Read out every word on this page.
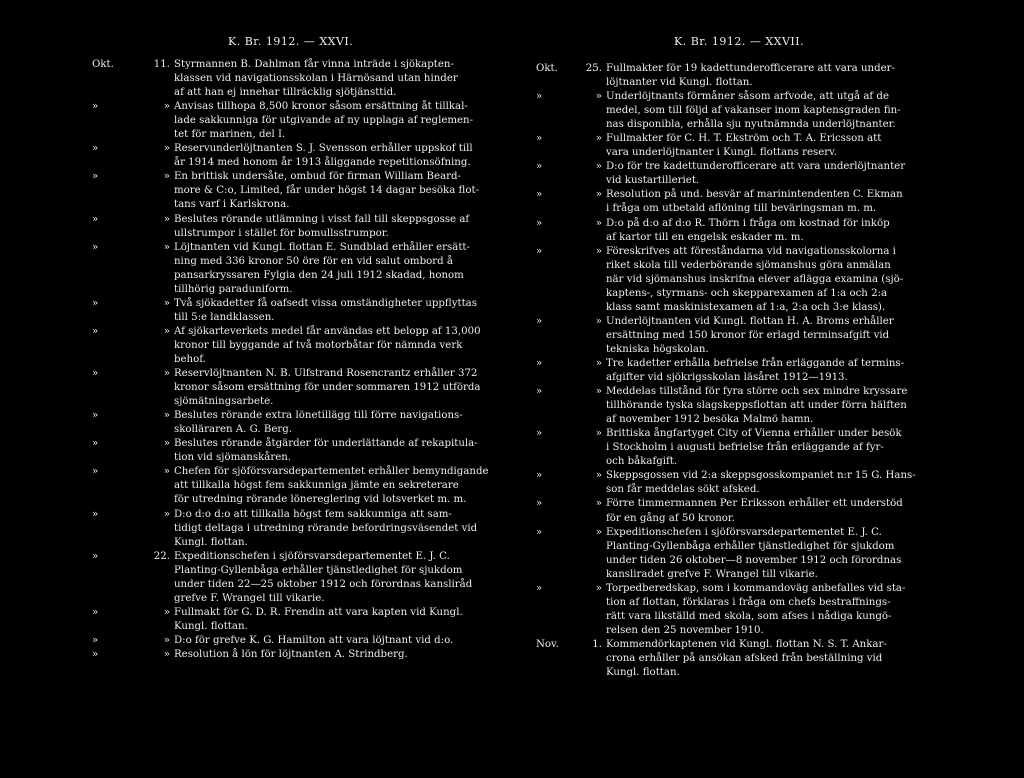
K. Br. 1912. — XXVI.
Okt.	11. Styrmannen B. Dahlman får vinna inträde i sjökapten-
klassen vid navigationsskolan i Härnösand utan hinder
af att han ej innehar tillräcklig sjötjänsttid.
»	» Anvisas tillhopa 8,500 kronor såsom ersättning åt tillkal-
lade sakkunniga för utgivande af ny upplaga af reglemen-
tet för marinen, del I.
»	» Reservunderlöjtnanten S. J. Svensson erhåller uppskof till
år 1914 med honom år 1913 åliggande repetitionsöfning.
»	» En brittisk undersåte, ombud för firman William Beard-
more & C:o, Limited, får under högst 14 dagar besöka flot-
tans varf i Karlskrona.
»	» Beslutes rörande utlämning i visst fall till skeppsgosse af
ullstrumpor i stället för bomullsstrumpor.
»	» Löjtnanten vid Kungl. flottan E. Sundblad erhåller ersätt-
ning med 336 kronor 50 öre för en vid salut ombord å
pansarkryssaren Fylgia den 24 juli 1912 skadad, honom
tillhörig paraduniform.
»	» Två sjökadetter få oafsedt vissa omständigheter uppflyttas
till 5:e landklassen.
»	» Af sjökarteverkets medel får användas ett belopp af 13,000
kronor till byggande af två motorbåtar för nämnda verk
behof.
»	» Reservlöjtnanten N. B. Ulfstrand Rosencrantz erhåller 372
kronor såsom ersättning för under sommaren 1912 utförda
sjömätningsarbete.
»	» Beslutes rörande extra lönetillägg till förre navigations-
skolläraren A. G. Berg.
»	» Beslutes rörande åtgärder för underlättande af rekapitula-
tion vid sjömanskåren.
»	» Chefen för sjöförsvarsdepartementet erhåller bemyndigande
att tillkalla högst fem sakkunniga jämte en sekreterare
för utredning rörande lönereglering vid lotsverket m. m.
»	» D:o d:o d:o att tillkalla högst fem sakkunniga att sam-
tidigt deltaga i utredning rörande befordringsväsendet vid
Kungl. flottan.
»	22. Expeditionschefen i sjöförsvarsdepartementet E. J. C.
Planting-Gyllenbåga erhåller tjänstledighet för sjukdom
under tiden 22—25 oktober 1912 och förordnas kansliråd
grefve F. Wrangel till vikarie.
»	» Fullmakt för G. D. R. Frendin att vara kapten vid Kungl.
Kungl. flottan.
»	» D:o för grefve K. G. Hamilton att vara löjtnant vid d:o.
»	» Resolution å lön för löjtnanten A. Strindberg.
K. Br. 1912. — XXVII.
Okt.	25. Fullmakter för 19 kadettunderofficerare att vara under-
löjtnanter vid Kungl. flottan.
»	» Underlöjtnants förmåner såsom arfvode, att utgå af de
medel, som till följd af vakanser inom kaptensgraden fin-
nas disponibla, erhålla sju nyutnämnda underlöjtnanter.
»	» Fullmakter för C. H. T. Ekström och T. A. Ericsson att
vara underlöjtnanter i Kungl. flottans reserv.
»	» D:o för tre kadettunderofficerare att vara underlöjtnanter
vid kustartilleriet.
»	» Resolution på und. besvär af marinintendenten C. Ekman
i fråga om utbetald aflöning till beväringsman m. m.
»	» D:o på d:o af d:o R. Thörn i fråga om kostnad för inköp
af kartor till en engelsk eskader m. m.
»	» Föreskrifves att föreståndarna vid navigationsskolorna i
riket skola till vederbörande sjömanshus göra anmälan
när vid sjömanshus inskrifna elever aflägga examina (sjö-
kaptens-, styrmans- och skepparexamen af 1:a och 2:a
klass samt maskinistexamen af 1:a, 2:a och 3:e klass).
»	» Underlöjtnanten vid Kungl. flottan H. A. Broms erhåller
ersättning med 150 kronor för erlagd terminsafgift vid
tekniska högskolan.
»	» Tre kadetter erhålla befrielse från erläggande af termins-
afgifter vid sjökrigsskolan läsåret 1912—1913.
»	» Meddelas tillstånd för fyra större och sex mindre kryssare
tillhörande tyska slagskeppsflottan att under förra hälften
af november 1912 besöka Malmö hamn.
»	» Brittiska ångfartyget City of Vienna erhåller under besök
i Stockholm i augusti befrielse från erläggande af fyr-
och båkafgift.
»	» Skeppsgossen vid 2:a skeppsgosskompaniet n:r 15 G. Hans-
son får meddelas sökt afsked.
»	» Förre timmermannen Per Eriksson erhåller ett understöd
för en gång af 50 kronor.
»	» Expeditionschefen i sjöförsvarsdepartementet E. J. C.
Planting-Gyllenbåga erhåller tjänstledighet för sjukdom
under tiden 26 oktober—8 november 1912 och förordnas
kansliradet grefve F. Wrangel till vikarie.
»	» Torpedberedskap, som i kommandoväg anbefalles vid sta-
tion af flottan, förklaras i fråga om chefs bestraffnings-
rätt vara likställd med skola, som afses i nådiga kungö-
relsen den 25 november 1910.
Nov.	1. Kommendörkaptenen vid Kungl. flottan N. S. T. Ankar-
crona erhåller på ansökan afsked från beställning vid
Kungl. flottan.
